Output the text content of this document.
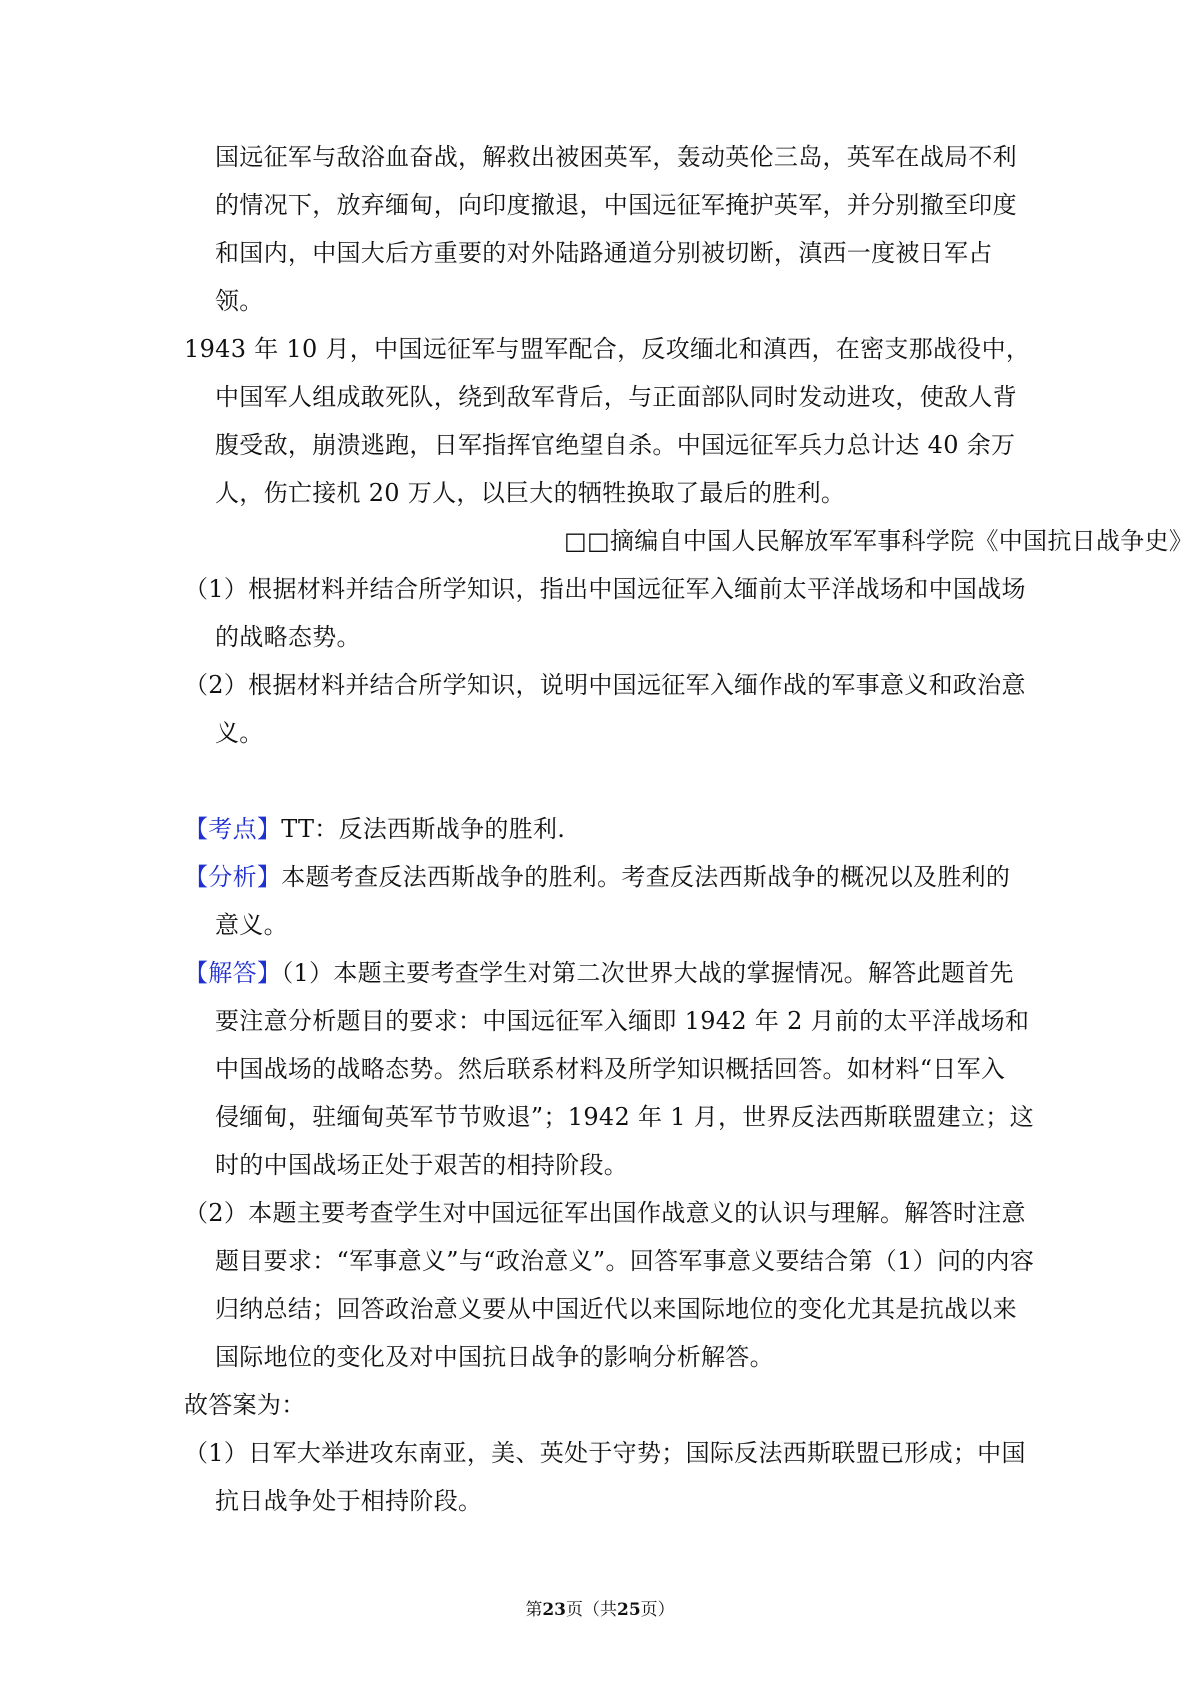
国远征军与敌浴血奋战，解救出被困英军，轰动英伦三岛，英军在战局不利
的情况下，放弃缅甸，向印度撤退，中国远征军掩护英军，并分别撤至印度
和国内，中国大后方重要的对外陆路通道分别被切断，滇西一度被日军占
领。
1943 年 10 月，中国远征军与盟军配合，反攻缅北和滇西，在密支那战役中，
中国军人组成敢死队，绕到敌军背后，与正面部队同时发动进攻，使敌人背
腹受敌，崩溃逃跑，日军指挥官绝望自杀。中国远征军兵力总计达 40 余万
人，伤亡接机 20 万人，以巨大的牺牲换取了最后的胜利。
□□摘编自中国人民解放军军事科学院《中国抗日战争史》
（1）根据材料并结合所学知识，指出中国远征军入缅前太平洋战场和中国战场
的战略态势。
（2）根据材料并结合所学知识，说明中国远征军入缅作战的军事意义和政治意
义。
【考点】TT：反法西斯战争的胜利.
【分析】本题考查反法西斯战争的胜利。考查反法西斯战争的概况以及胜利的
意义。
【解答】（1）本题主要考查学生对第二次世界大战的掌握情况。解答此题首先
要注意分析题目的要求：中国远征军入缅即 1942 年 2 月前的太平洋战场和
中国战场的战略态势。然后联系材料及所学知识概括回答。如材料“日军入
侵缅甸，驻缅甸英军节节败退”；1942 年 1 月，世界反法西斯联盟建立；这
时的中国战场正处于艰苦的相持阶段。
（2）本题主要考查学生对中国远征军出国作战意义的认识与理解。解答时注意
题目要求：“军事意义”与“政治意义”。回答军事意义要结合第（1）问的内容
归纳总结；回答政治意义要从中国近代以来国际地位的变化尤其是抗战以来
国际地位的变化及对中国抗日战争的影响分析解答。
故答案为：
（1）日军大举进攻东南亚，美、英处于守势；国际反法西斯联盟已形成；中国
抗日战争处于相持阶段。
第23页（共25页）
